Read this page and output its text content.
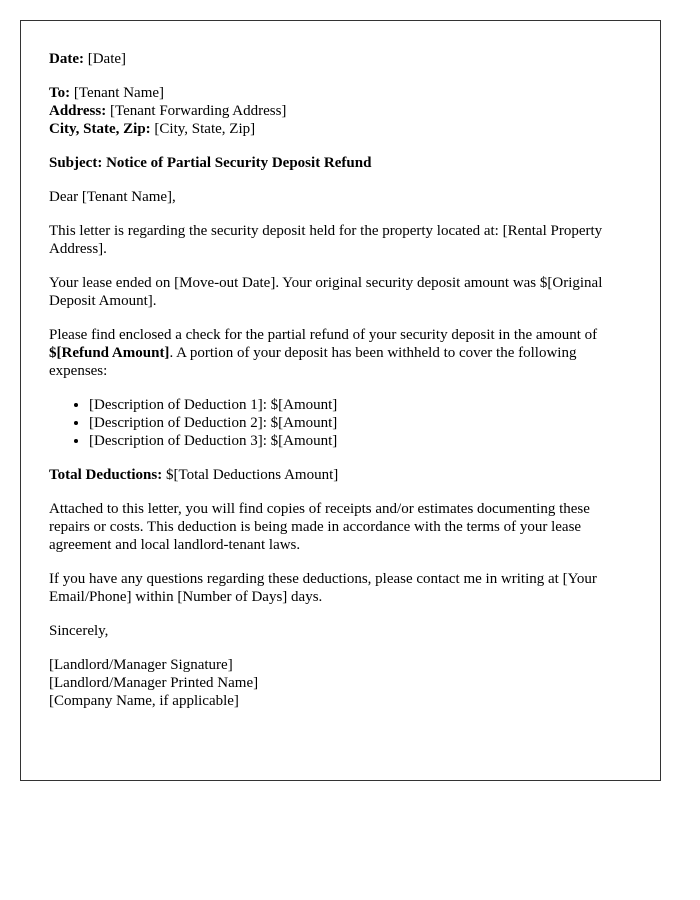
Date: [Date]

To: [Tenant Name]

Address: [Tenant Forwarding Address]

City, State, Zip: [City, State, Zip]

Subject: Notice of Partial Security Deposit Refund

Dear [Tenant Name],

This letter is regarding the security deposit held for the property located at: [Rental Property Address].

Your lease ended on [Move-out Date]. Your original security deposit amount was $[Original Deposit Amount].

Please find enclosed a check for the partial refund of your security deposit in the amount of $[Refund Amount]. A portion of your deposit has been withheld to cover the following expenses:

• [Description of Deduction 1]: $[Amount]
• [Description of Deduction 2]: $[Amount]
• [Description of Deduction 3]: $[Amount]

Total Deductions: $[Total Deductions Amount]

Attached to this letter, you will find copies of receipts and/or estimates documenting these repairs or costs. This deduction is being made in accordance with the terms of your lease agreement and local landlord-tenant laws.

If you have any questions regarding these deductions, please contact me in writing at [Your Email/Phone] within [Number of Days] days.

Sincerely,

[Landlord/Manager Signature]

[Landlord/Manager Printed Name]

[Company Name, if applicable]
